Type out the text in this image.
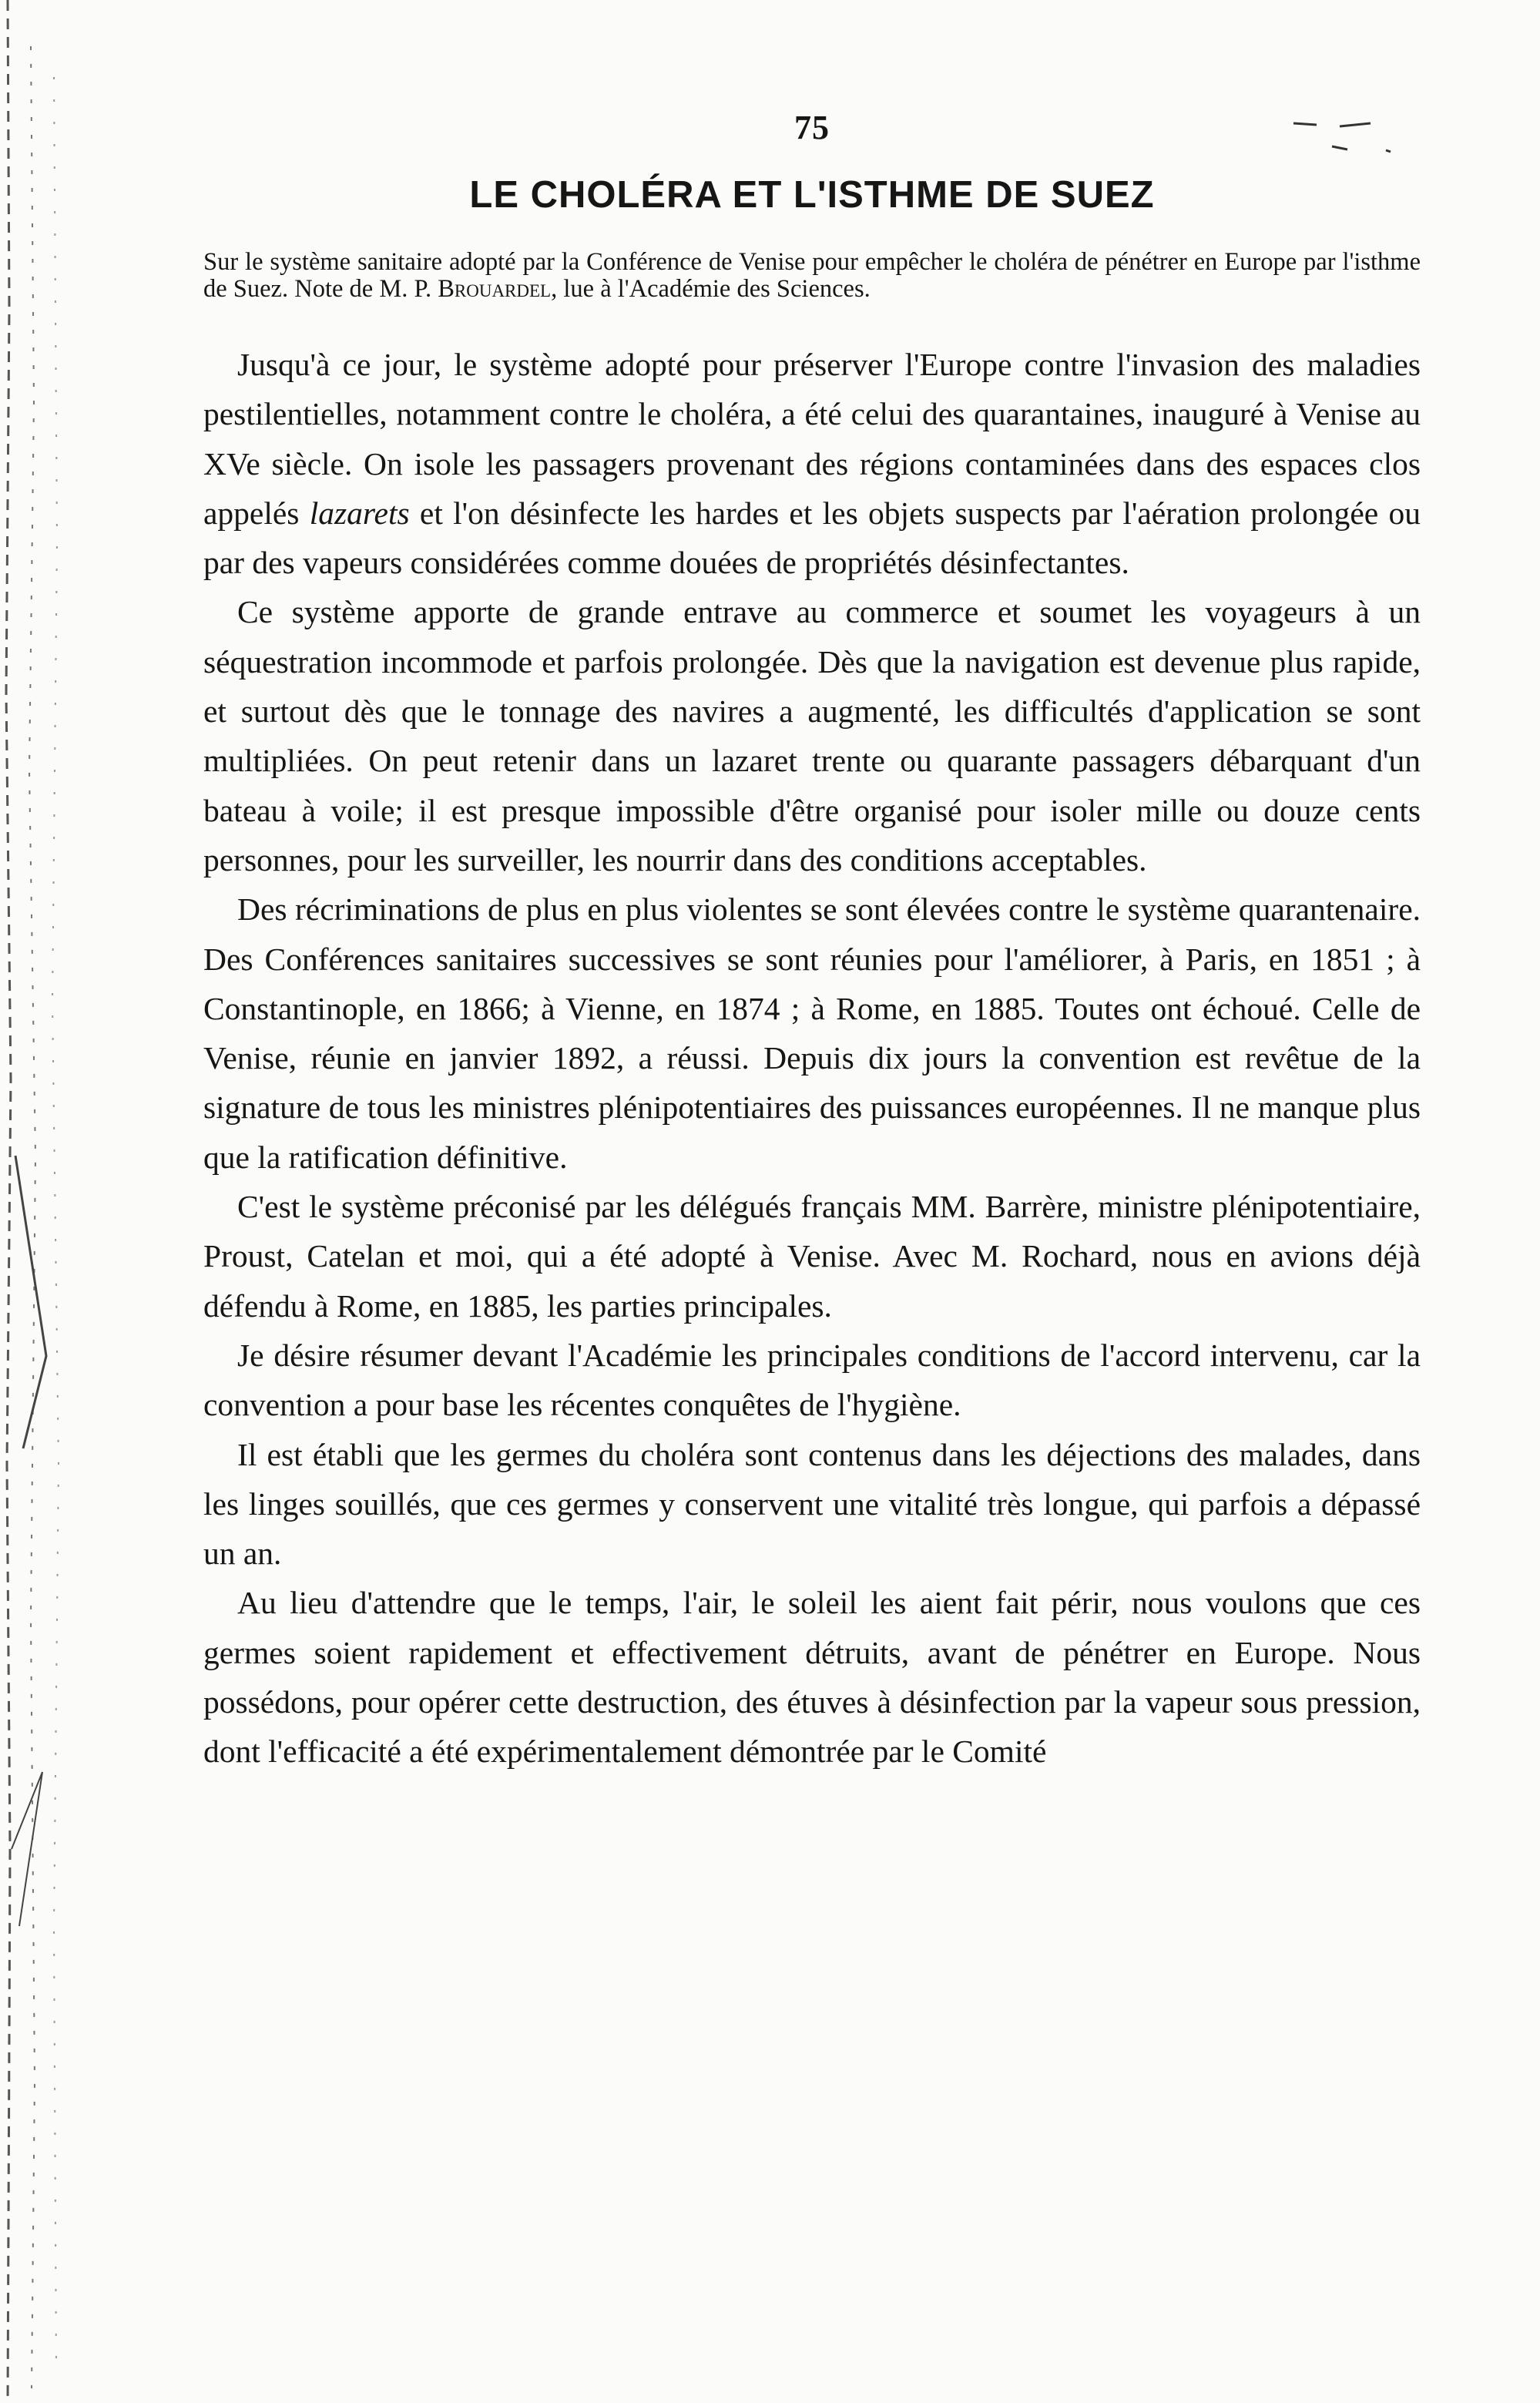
75
LE CHOLÉRA ET L'ISTHME DE SUEZ
Sur le système sanitaire adopté par la Conférence de Venise pour empêcher le choléra de pénétrer en Europe par l'isthme de Suez. Note de M. P. Brouardel, lue à l'Académie des Sciences.

Jusqu'à ce jour, le système adopté pour préserver l'Europe contre l'invasion des maladies pestilentielles, notamment contre le choléra, a été celui des quarantaines, inauguré à Venise au XVe siècle. On isole les passagers provenant des régions contaminées dans des espaces clos appelés lazarets et l'on désinfecte les hardes et les objets suspects par l'aération prolongée ou par des vapeurs considérées comme douées de propriétés désinfectantes.

Ce système apporte de grande entrave au commerce et soumet les voyageurs à un séquestration incommode et parfois prolongée. Dès que la navigation est devenue plus rapide, et surtout dès que le tonnage des navires a augmenté, les difficultés d'application se sont multipliées. On peut retenir dans un lazaret trente ou quarante passagers débarquant d'un bateau à voile; il est presque impossible d'être organisé pour isoler mille ou douze cents personnes, pour les surveiller, les nourrir dans des conditions acceptables.

Des récriminations de plus en plus violentes se sont élevées contre le système quarantenaire. Des Conférences sanitaires successives se sont réunies pour l'améliorer, à Paris, en 1851 ; à Constantinople, en 1866; à Vienne, en 1874 ; à Rome, en 1885. Toutes ont échoué. Celle de Venise, réunie en janvier 1892, a réussi. Depuis dix jours la convention est revêtue de la signature de tous les ministres plénipotentiaires des puissances européennes. Il ne manque plus que la ratification définitive.

C'est le système préconisé par les délégués français MM. Barrère, ministre plénipotentiaire, Proust, Catelan et moi, qui a été adopté à Venise. Avec M. Rochard, nous en avions déjà défendu à Rome, en 1885, les parties principales.

Je désire résumer devant l'Académie les principales conditions de l'accord intervenu, car la convention a pour base les récentes conquêtes de l'hygiène.

Il est établi que les germes du choléra sont contenus dans les déjections des malades, dans les linges souillés, que ces germes y conservent une vitalité très longue, qui parfois a dépassé un an.

Au lieu d'attendre que le temps, l'air, le soleil les aient fait périr, nous voulons que ces germes soient rapidement et effectivement détruits, avant de pénétrer en Europe. Nous possédons, pour opérer cette destruction, des étuves à désinfection par la vapeur sous pression, dont l'efficacité a été expérimentalement démontrée par le Comité
